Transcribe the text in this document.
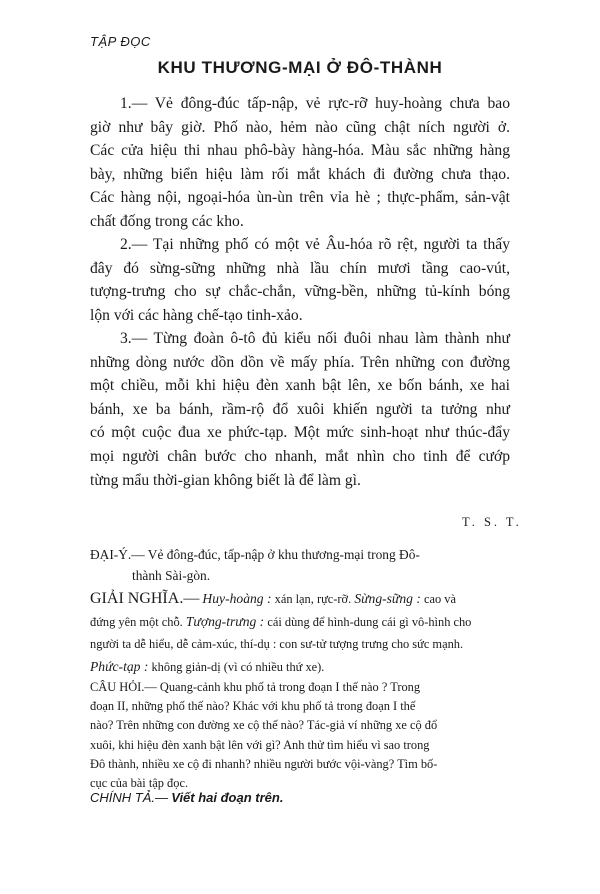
TẬP ĐỌC
KHU THƯƠNG-MẠI Ở ĐÔ-THÀNH
1.— Vẻ đông-đúc tấp-nập, vẻ rực-rỡ huy-hoàng chưa bao
giờ như bây giờ. Phố nào, hẻm nào cũng chật ních người ở.
Các cửa hiệu thi nhau phô-bày hàng-hóa. Màu sắc những hàng
bày, những biển hiệu làm rối mắt khách đi đường chưa thạo.
Các hàng nội, ngoại-hóa ùn-ùn trên vỉa hè ; thực-phẩm, sản-vật
chất đống trong các kho.
2.— Tại những phố có một vẻ Âu-hóa rõ rệt, người ta thấy
đây đó sừng-sững những nhà lầu chín mươi tầng cao-vút,
tượng-trưng cho sự chắc-chắn, vững-bền, những tủ-kính bóng
lộn với các hàng chế-tạo tinh-xảo.
3.— Từng đoàn ô-tô đủ kiểu nối đuôi nhau làm thành như
những dòng nước dồn dồn về mấy phía. Trên những con đường
một chiều, mỗi khi hiệu đèn xanh bật lên, xe bốn bánh, xe hai
bánh, xe ba bánh, rầm-rộ đổ xuôi khiến người ta tưởng như
có một cuộc đua xe phức-tạp. Một mức sinh-hoạt như thúc-đẩy
mọi người chân bước cho nhanh, mắt nhìn cho tinh để cướp
từng mẩu thời-gian không biết là để làm gì.
T. S. T.
ĐẠI-Ý.— Vẻ đông-đúc, tấp-nập ở khu thương-mại trong Đô-
thành Sài-gòn.
GIẢI NGHĨA.— Huy-hoàng : xán lạn, rực-rỡ. Sừng-sững : cao và
đứng yên một chỗ. Tượng-trưng : cái dùng để hình-dung cái gì vô-hình cho
người ta dễ hiểu, dễ cảm-xúc, thí-dụ : con sư-tử tượng trưng cho sức mạnh.
Phức-tạp : không giản-dị (vì có nhiều thứ xe).
CÂU HỎI.— Quang-cảnh khu phố tả trong đoạn I thế nào ? Trong
đoạn II, những phố thế nào? Khác với khu phố tả trong đoạn I thế
nào? Trên những con đường xe cộ thế nào? Tác-giả ví những xe cộ đổ
xuôi, khi hiệu đèn xanh bật lên với gì? Anh thử tìm hiểu vì sao trong
Đô thành, nhiều xe cộ đi nhanh? nhiều người bước vội-vàng? Tìm bố-
cục của bài tập đọc.
CHÍNH TẢ.— Viết hai đoạn trên.
